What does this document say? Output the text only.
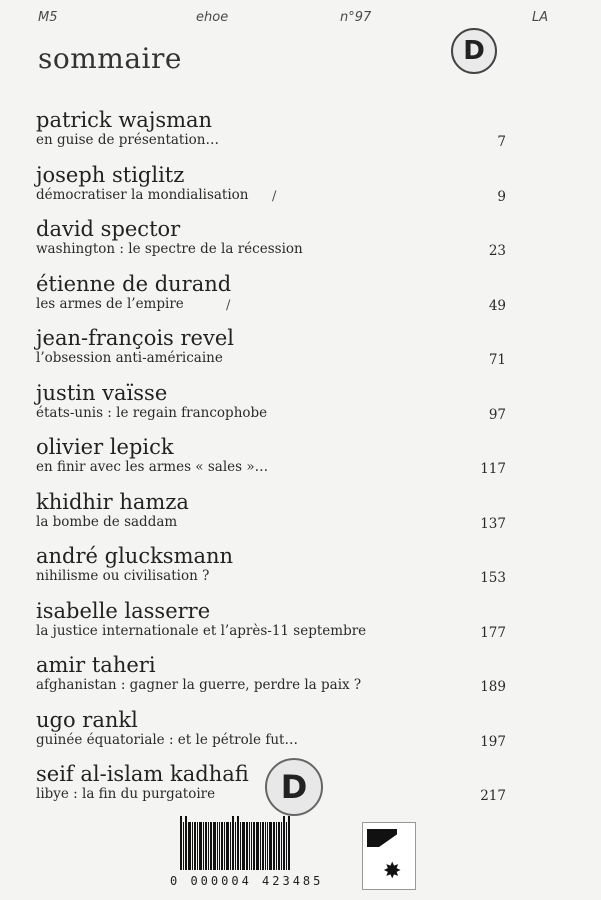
M5	ehoe	n°97	LA
sommaire	D
patrick wajsman
en guise de présentation…	7
joseph stiglitz
démocratiser la mondialisation	9
/
david spector
washington : le spectre de la récession	23
étienne de durand
les armes de l’empire	49
/
jean-françois revel
l’obsession anti-américaine	71
justin vaïsse
états-unis : le regain francophobe	97
olivier lepick
en finir avec les armes « sales »…	117
khidhir hamza
la bombe de saddam	137
andré glucksmann
nihilisme ou civilisation ?	153
isabelle lasserre
la justice internationale et l’après-11 septembre	177
amir taheri
afghanistan : gagner la guerre, perdre la paix ?	189
ugo rankl
guinée équatoriale : et le pétrole fut…	197
seif al-islam kadhafi
libye : la fin du purgatoire	217
D
0 000004 423485	✸
